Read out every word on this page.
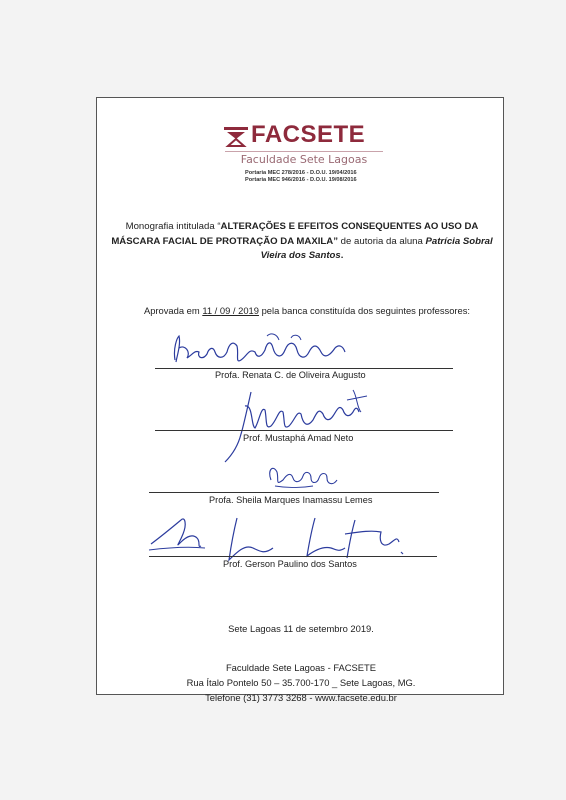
FACSETE
Faculdade Sete Lagoas
Portaria MEC 278/2016 - D.O.U. 19/04/2016
Portaria MEC 946/2016 - D.O.U. 19/08/2016
Monografia intitulada “ALTERAÇÕES E EFEITOS CONSEQUENTES AO USO DA MÁSCARA FACIAL DE PROTRAÇÃO DA MAXILA” de autoria da aluna Patrícia Sobral Vieira dos Santos.
Aprovada em 11 / 09 / 2019 pela banca constituída dos seguintes professores:
Profa. Renata C. de Oliveira Augusto
Prof. Mustaphá Amad Neto
Profa. Sheila Marques Inamassu Lemes
Prof. Gerson Paulino dos Santos
Sete Lagoas 11 de setembro 2019.
Faculdade Sete Lagoas - FACSETE
Rua Ítalo Pontelo 50 – 35.700-170 _ Sete Lagoas, MG.
Telefone (31) 3773 3268 - www.facsete.edu.br
